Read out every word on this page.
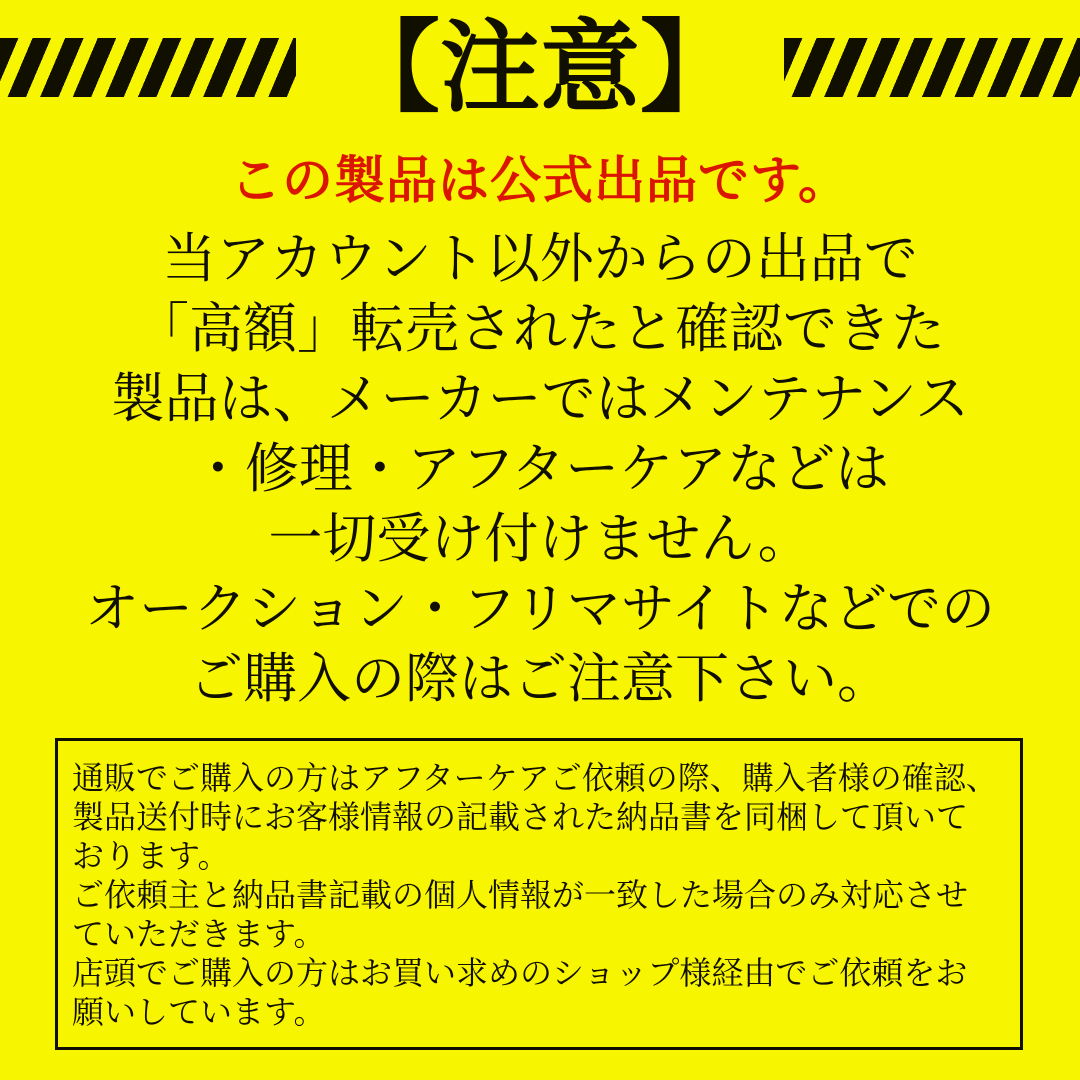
【注意】

この製品は公式出品です。

当アカウント以外からの出品で

「高額」転売されたと確認できた

製品は、メーカーではメンテナンス

・修理・アフターケアなどは

一切受け付けません。

オークション・フリマサイトなどでの

ご購入の際はご注意下さい。

通販でご購入の方はアフターケアご依頼の際、購入者様の確認、

製品送付時にお客様情報の記載された納品書を同梱して頂いて

おります。

ご依頼主と納品書記載の個人情報が一致した場合のみ対応させ

ていただきます。

店頭でご購入の方はお買い求めのショップ様経由でご依頼をお

願いしています。
